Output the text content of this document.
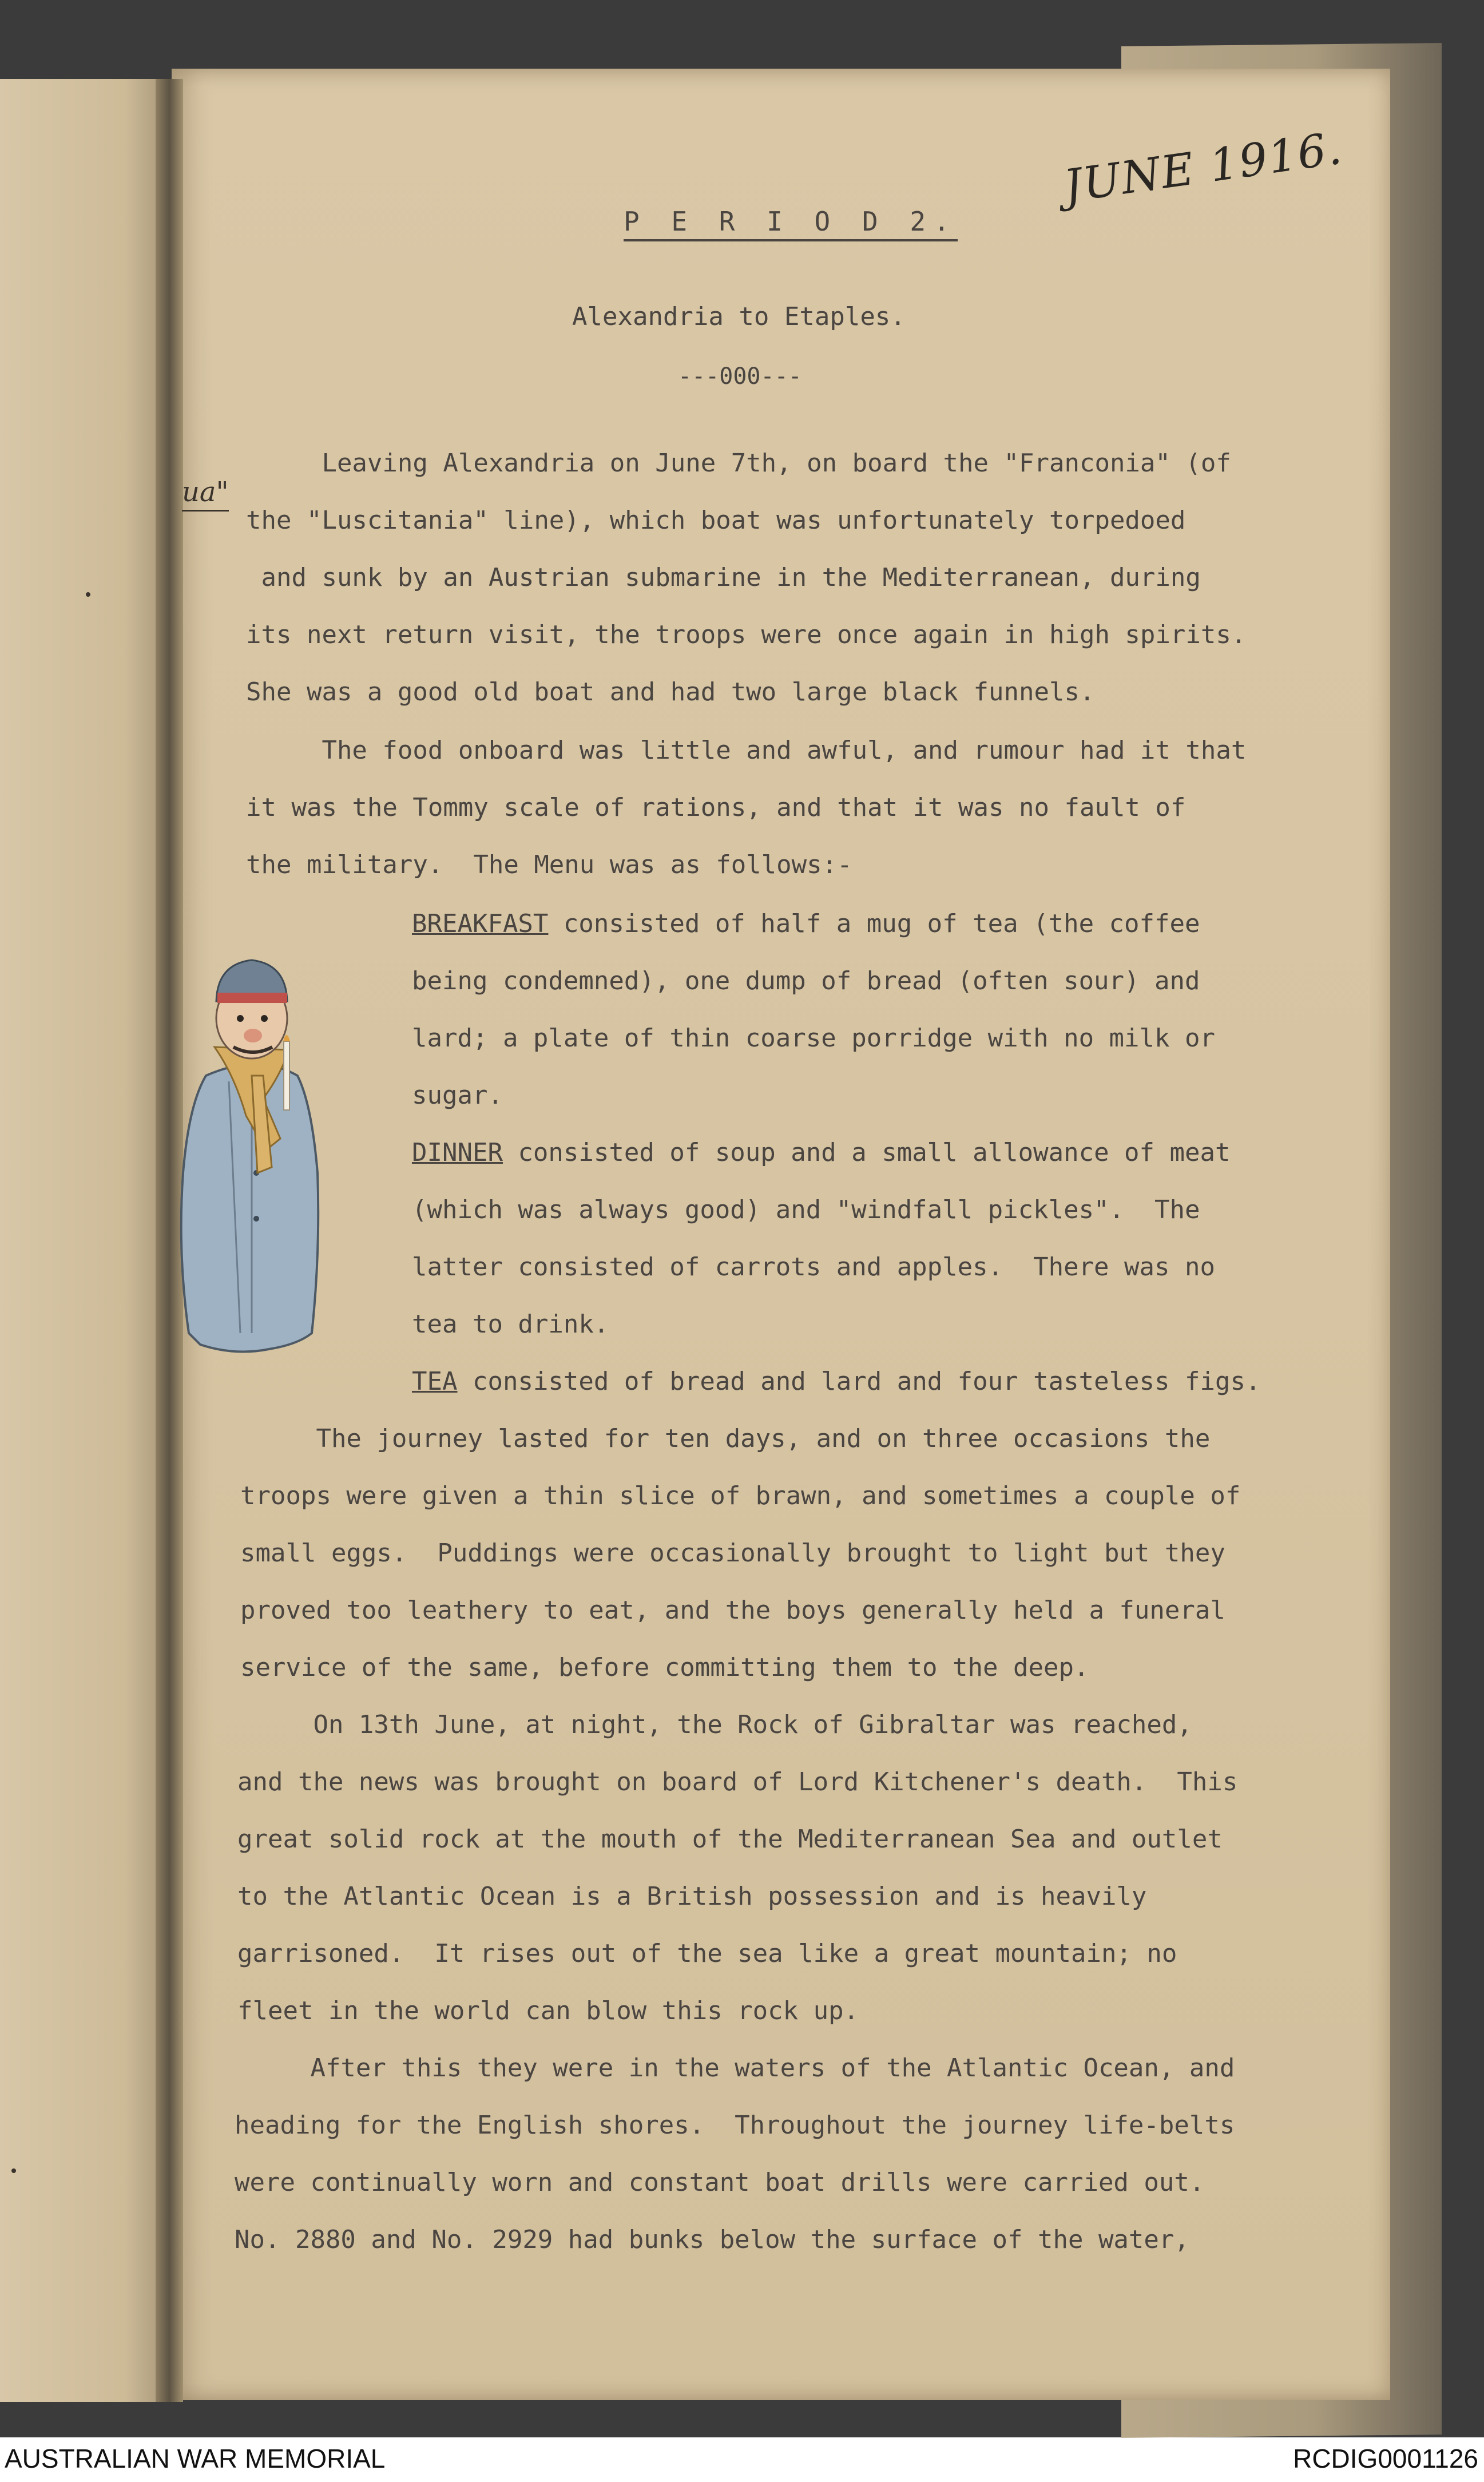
JUNE 1916.
ua"
P E R I O D 2.
Alexandria to Etaples.
---000---
Leaving Alexandria on June 7th, on board the "Franconia" (of
the "Luscitania" line), which boat was unfortunately torpedoed
and sunk by an Austrian submarine in the Mediterranean, during
its next return visit, the troops were once again in high spirits.
She was a good old boat and had two large black funnels.
The food onboard was little and awful, and rumour had it that
it was the Tommy scale of rations, and that it was no fault of
the military.  The Menu was as follows:-
BREAKFAST consisted of half a mug of tea (the coffee
being condemned), one dump of bread (often sour) and
lard; a plate of thin coarse porridge with no milk or
sugar.
DINNER consisted of soup and a small allowance of meat
(which was always good) and "windfall pickles".  The
latter consisted of carrots and apples.  There was no
tea to drink.
TEA consisted of bread and lard and four tasteless figs.
The journey lasted for ten days, and on three occasions the
troops were given a thin slice of brawn, and sometimes a couple of
small eggs.  Puddings were occasionally brought to light but they
proved too leathery to eat, and the boys generally held a funeral
service of the same, before committing them to the deep.
On 13th June, at night, the Rock of Gibraltar was reached,
and the news was brought on board of Lord Kitchener's death.  This
great solid rock at the mouth of the Mediterranean Sea and outlet
to the Atlantic Ocean is a British possession and is heavily
garrisoned.  It rises out of the sea like a great mountain; no
fleet in the world can blow this rock up.
After this they were in the waters of the Atlantic Ocean, and
heading for the English shores.  Throughout the journey life-belts
were continually worn and constant boat drills were carried out.
No. 2880 and No. 2929 had bunks below the surface of the water,
AUSTRALIAN WAR MEMORIAL	RCDIG0001126
